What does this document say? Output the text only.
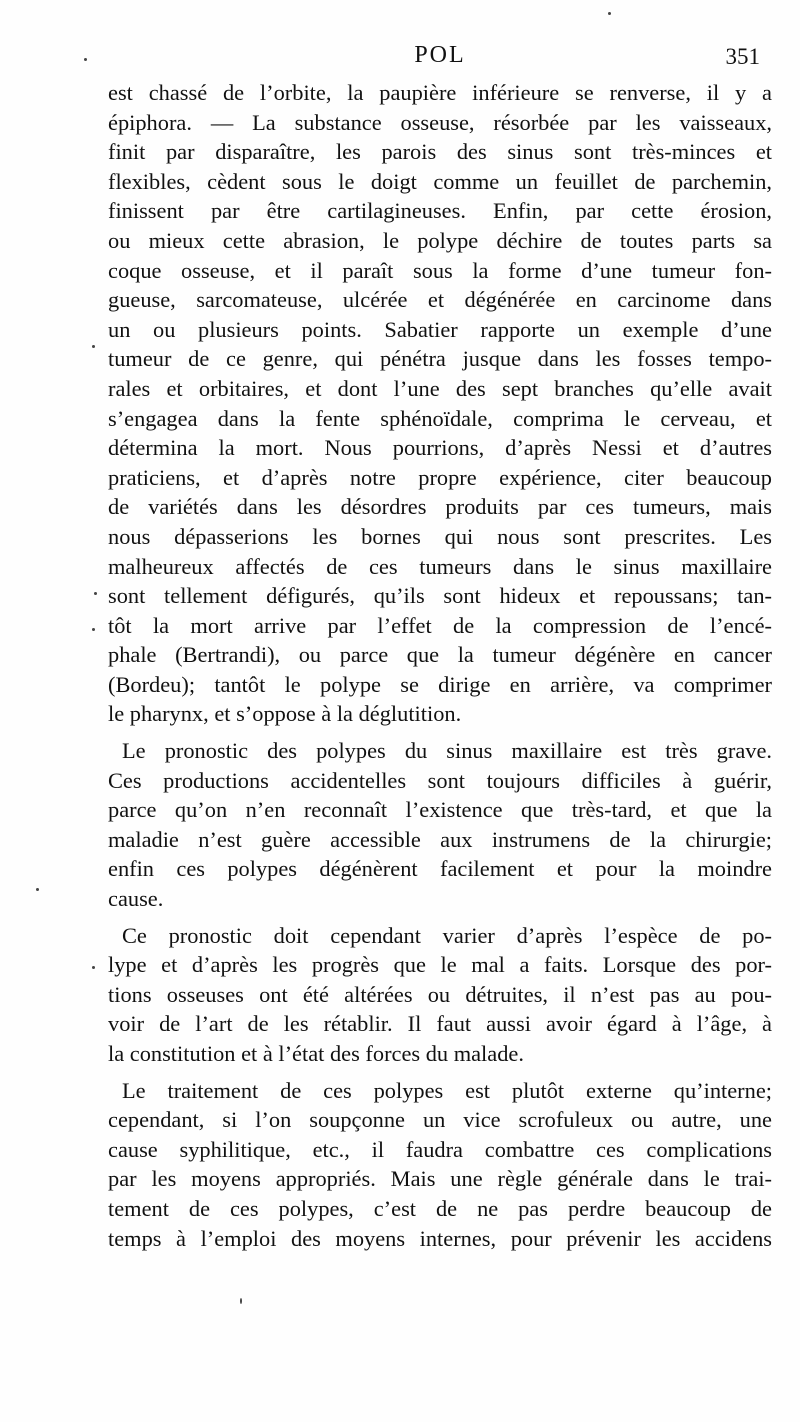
POL	351
est chassé de l’orbite, la paupière inférieure se renverse, il y a
épiphora. — La substance osseuse, résorbée par les vaisseaux,
finit par disparaître, les parois des sinus sont très-minces et
flexibles, cèdent sous le doigt comme un feuillet de parchemin,
finissent par être cartilagineuses. Enfin, par cette érosion,
ou mieux cette abrasion, le polype déchire de toutes parts sa
coque osseuse, et il paraît sous la forme d’une tumeur fon-
gueuse, sarcomateuse, ulcérée et dégénérée en carcinome dans
un ou plusieurs points. Sabatier rapporte un exemple d’une
tumeur de ce genre, qui pénétra jusque dans les fosses tempo-
rales et orbitaires, et dont l’une des sept branches qu’elle avait
s’engagea dans la fente sphénoïdale, comprima le cerveau, et
détermina la mort. Nous pourrions, d’après Nessi et d’autres
praticiens, et d’après notre propre expérience, citer beaucoup
de variétés dans les désordres produits par ces tumeurs, mais
nous dépasserions les bornes qui nous sont prescrites. Les
malheureux affectés de ces tumeurs dans le sinus maxillaire
sont tellement défigurés, qu’ils sont hideux et repoussans; tan-
tôt la mort arrive par l’effet de la compression de l’encé-
phale (Bertrandi), ou parce que la tumeur dégénère en cancer
(Bordeu); tantôt le polype se dirige en arrière, va comprimer
le pharynx, et s’oppose à la déglutition.
Le pronostic des polypes du sinus maxillaire est très grave.
Ces productions accidentelles sont toujours difficiles à guérir,
parce qu’on n’en reconnaît l’existence que très-tard, et que la
maladie n’est guère accessible aux instrumens de la chirurgie;
enfin ces polypes dégénèrent facilement et pour la moindre
cause.
Ce pronostic doit cependant varier d’après l’espèce de po-
lype et d’après les progrès que le mal a faits. Lorsque des por-
tions osseuses ont été altérées ou détruites, il n’est pas au pou-
voir de l’art de les rétablir. Il faut aussi avoir égard à l’âge, à
la constitution et à l’état des forces du malade.
Le traitement de ces polypes est plutôt externe qu’interne;
cependant, si l’on soupçonne un vice scrofuleux ou autre, une
cause syphilitique, etc., il faudra combattre ces complications
par les moyens appropriés. Mais une règle générale dans le trai-
tement de ces polypes, c’est de ne pas perdre beaucoup de
temps à l’emploi des moyens internes, pour prévenir les accidens
